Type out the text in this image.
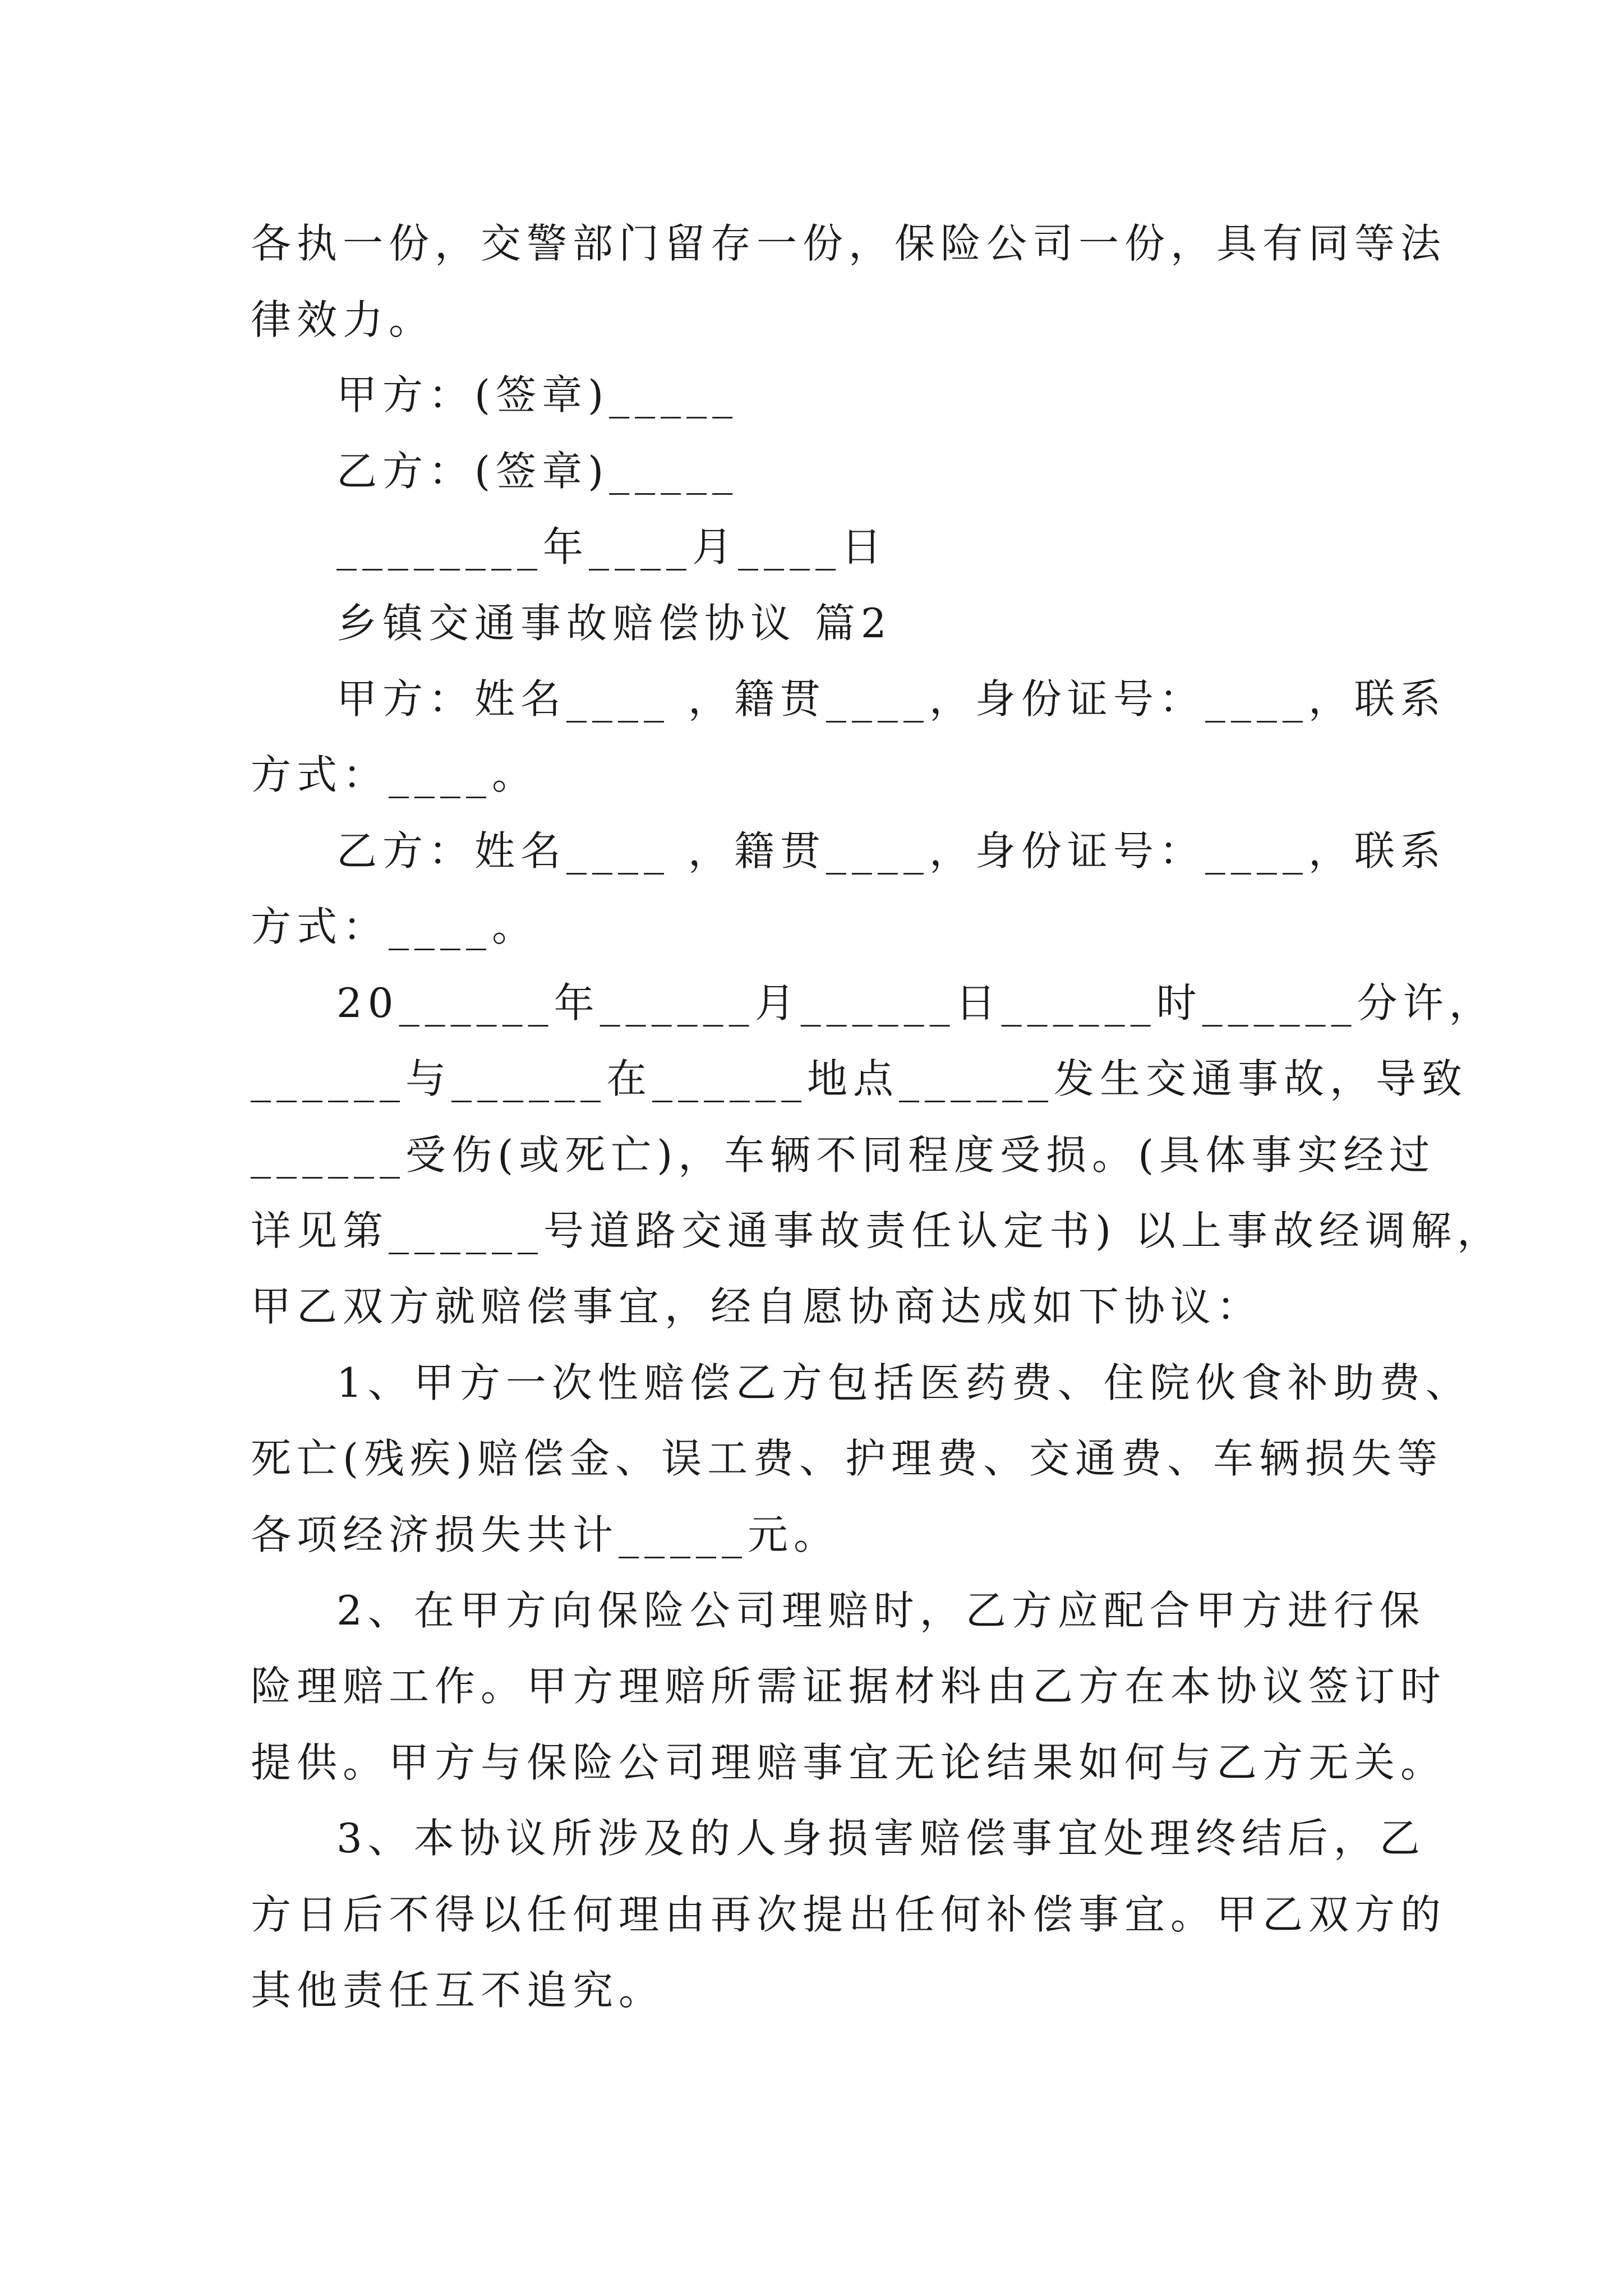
各执一份，交警部门留存一份，保险公司一份，具有同等法
律效力。
甲方：(签章)_____
乙方：(签章)_____
________年____月____日
乡镇交通事故赔偿协议 篇2
甲方：姓名____ ，籍贯____，身份证号：____，联系
方式：____。
乙方：姓名____ ，籍贯____，身份证号：____，联系
方式：____。
20______年______月______日______时______分许，
______与______在______地点______发生交通事故，导致
______受伤(或死亡)，车辆不同程度受损。(具体事实经过
详见第______号道路交通事故责任认定书) 以上事故经调解，
甲乙双方就赔偿事宜，经自愿协商达成如下协议：
1、甲方一次性赔偿乙方包括医药费、住院伙食补助费、
死亡(残疾)赔偿金、误工费、护理费、交通费、车辆损失等
各项经济损失共计_____元。
2、在甲方向保险公司理赔时，乙方应配合甲方进行保
险理赔工作。甲方理赔所需证据材料由乙方在本协议签订时
提供。甲方与保险公司理赔事宜无论结果如何与乙方无关。
3、本协议所涉及的人身损害赔偿事宜处理终结后，乙
方日后不得以任何理由再次提出任何补偿事宜。甲乙双方的
其他责任互不追究。
